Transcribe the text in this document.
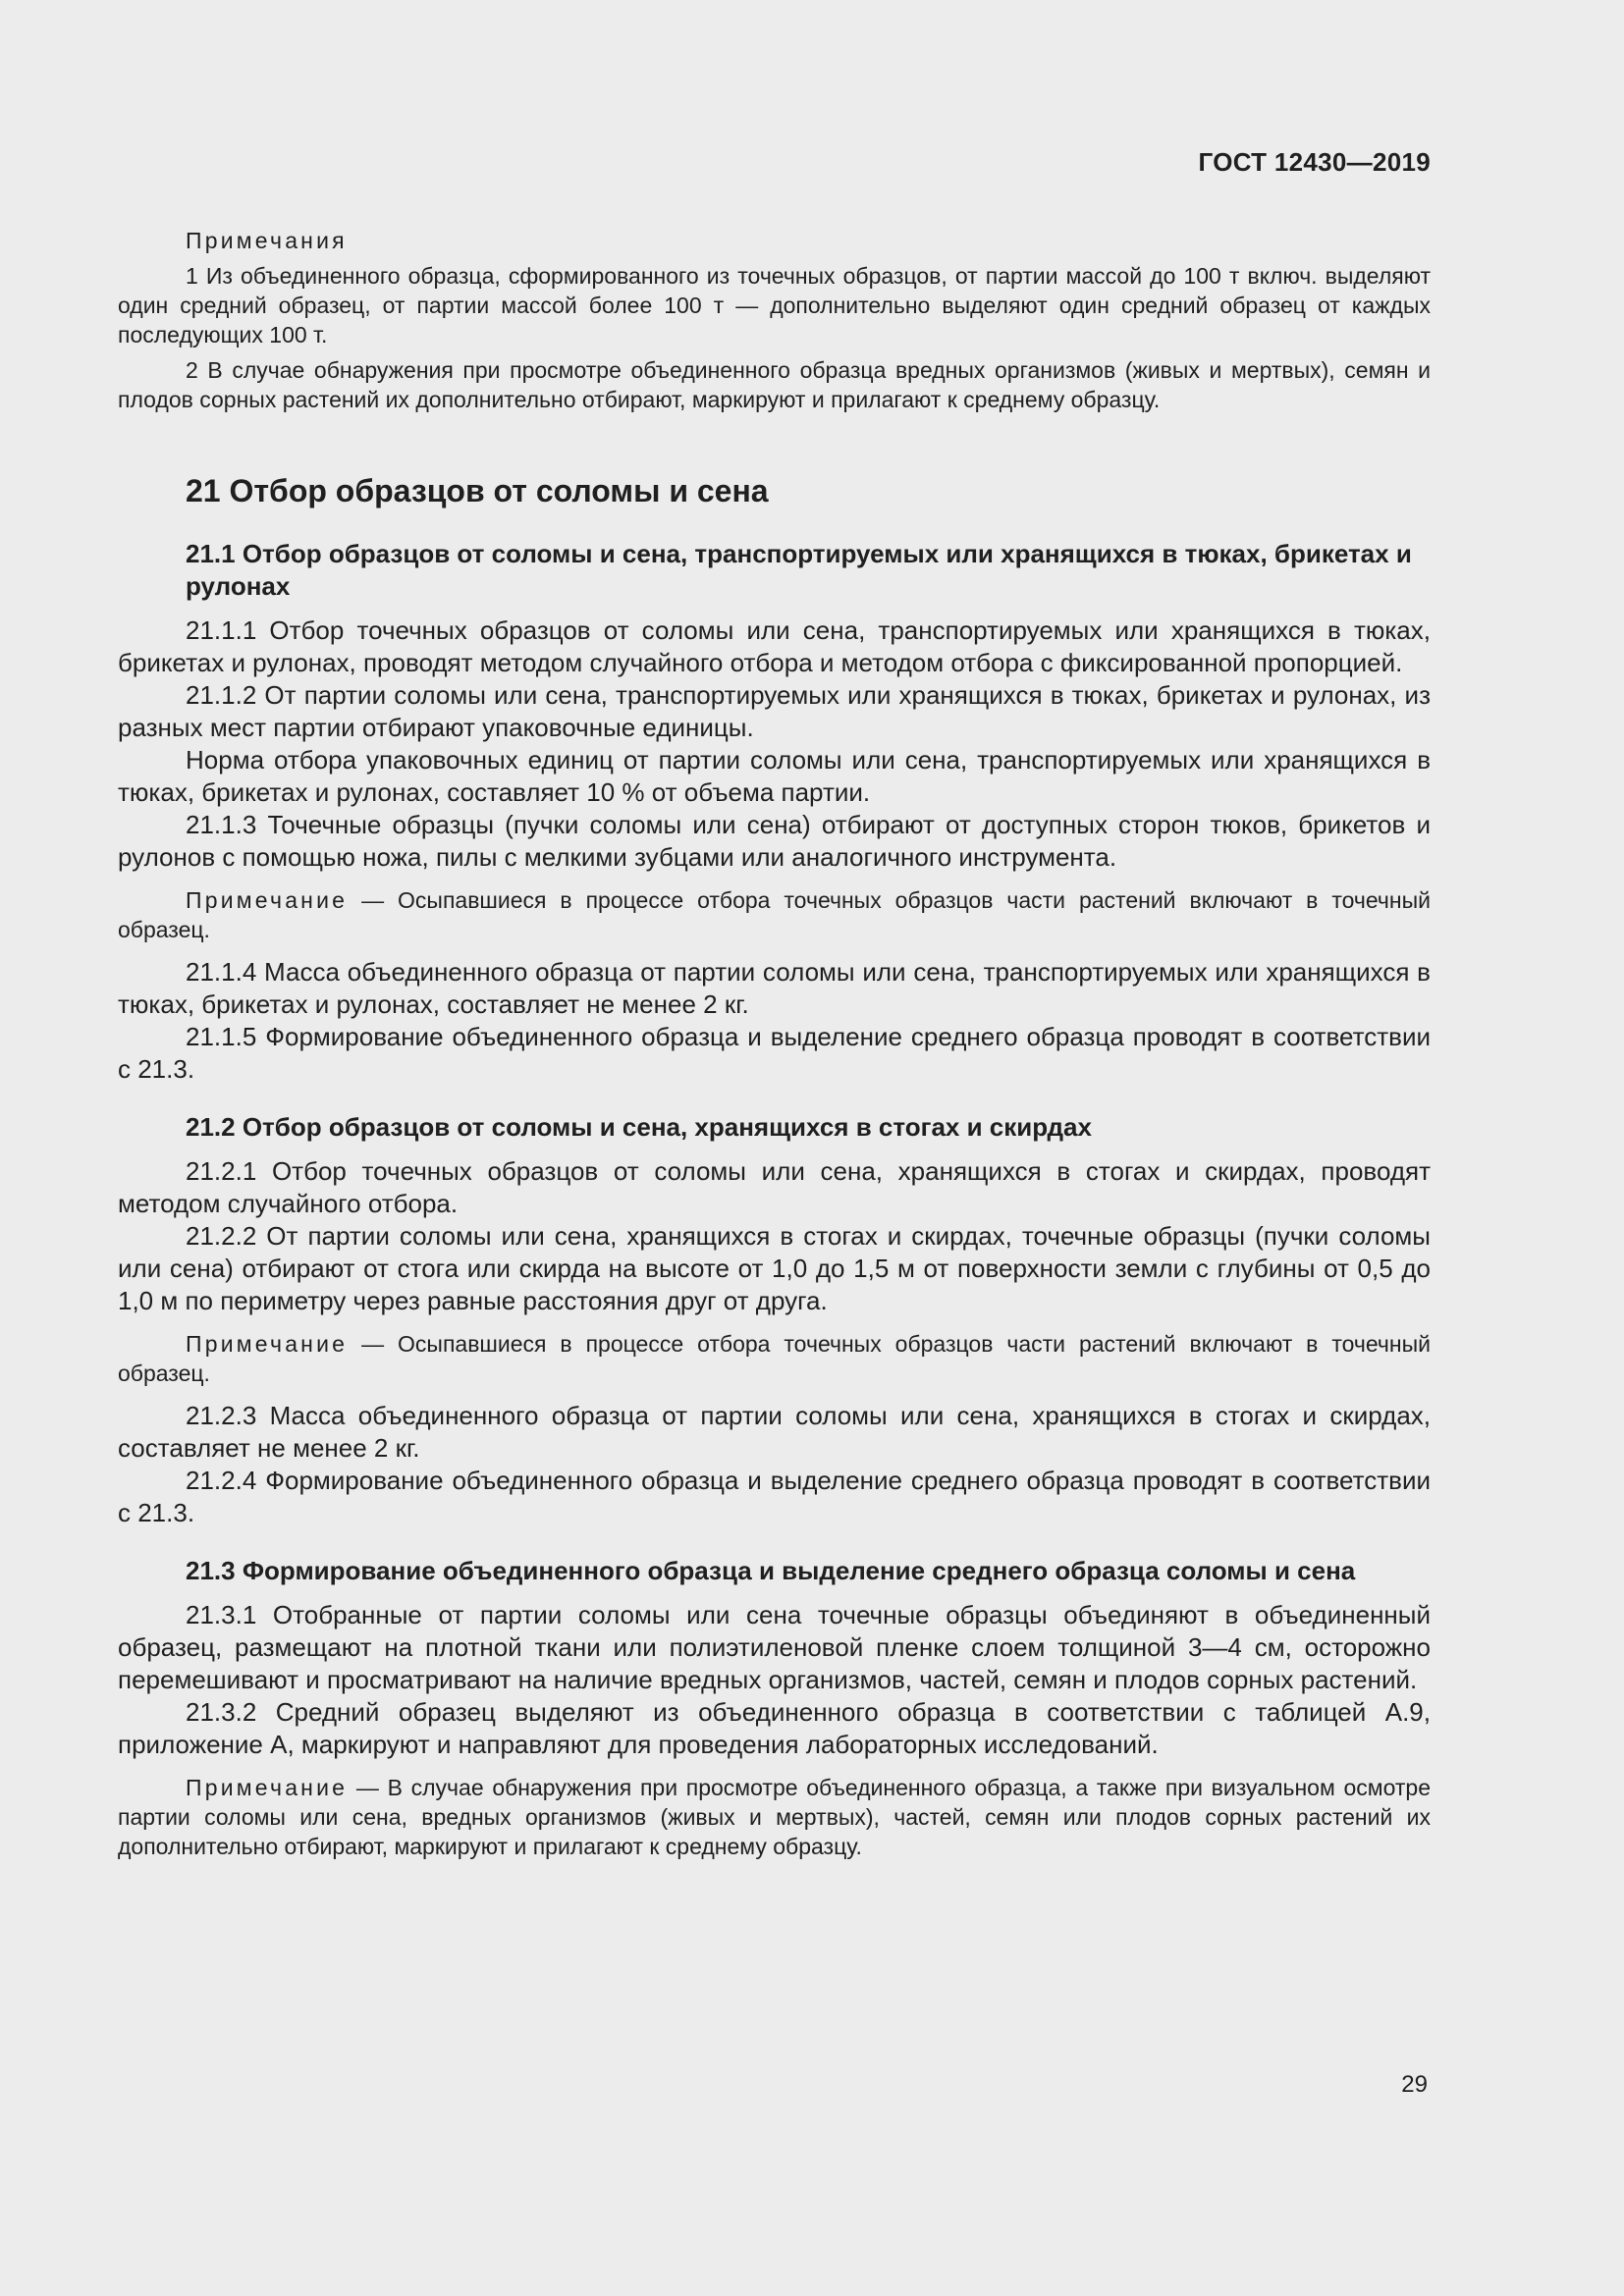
ГОСТ 12430—2019
Примечания

1 Из объединенного образца, сформированного из точечных образцов, от партии массой до 100 т включ. выделяют один средний образец, от партии массой более 100 т — дополнительно выделяют один средний образец от каждых последующих 100 т.

2 В случае обнаружения при просмотре объединенного образца вредных организмов (живых и мертвых), семян и плодов сорных растений их дополнительно отбирают, маркируют и прилагают к среднему образцу.

21 Отбор образцов от соломы и сена
21.1 Отбор образцов от соломы и сена, транспортируемых или хранящихся в тюках, брикетах и рулонах

21.1.1 Отбор точечных образцов от соломы или сена, транспортируемых или хранящихся в тюках, брикетах и рулонах, проводят методом случайного отбора и методом отбора с фиксированной пропорцией.

21.1.2 От партии соломы или сена, транспортируемых или хранящихся в тюках, брикетах и рулонах, из разных мест партии отбирают упаковочные единицы.

Норма отбора упаковочных единиц от партии соломы или сена, транспортируемых или хранящихся в тюках, брикетах и рулонах, составляет 10 % от объема партии.

21.1.3 Точечные образцы (пучки соломы или сена) отбирают от доступных сторон тюков, брикетов и рулонов с помощью ножа, пилы с мелкими зубцами или аналогичного инструмента.

Примечание — Осыпавшиеся в процессе отбора точечных образцов части растений включают в точечный образец.

21.1.4 Масса объединенного образца от партии соломы или сена, транспортируемых или хранящихся в тюках, брикетах и рулонах, составляет не менее 2 кг.

21.1.5 Формирование объединенного образца и выделение среднего образца проводят в соответствии с 21.3.

21.2 Отбор образцов от соломы и сена, хранящихся в стогах и скирдах

21.2.1 Отбор точечных образцов от соломы или сена, хранящихся в стогах и скирдах, проводят методом случайного отбора.

21.2.2 От партии соломы или сена, хранящихся в стогах и скирдах, точечные образцы (пучки соломы или сена) отбирают от стога или скирда на высоте от 1,0 до 1,5 м от поверхности земли с глубины от 0,5 до 1,0 м по периметру через равные расстояния друг от друга.

Примечание — Осыпавшиеся в процессе отбора точечных образцов части растений включают в точечный образец.

21.2.3 Масса объединенного образца от партии соломы или сена, хранящихся в стогах и скирдах, составляет не менее 2 кг.

21.2.4 Формирование объединенного образца и выделение среднего образца проводят в соответствии с 21.3.

21.3 Формирование объединенного образца и выделение среднего образца соломы и сена

21.3.1 Отобранные от партии соломы или сена точечные образцы объединяют в объединенный образец, размещают на плотной ткани или полиэтиленовой пленке слоем толщиной 3—4 см, осторожно перемешивают и просматривают на наличие вредных организмов, частей, семян и плодов сорных растений.

21.3.2 Средний образец выделяют из объединенного образца в соответствии с таблицей А.9, приложение А, маркируют и направляют для проведения лабораторных исследований.

Примечание — В случае обнаружения при просмотре объединенного образца, а также при визуальном осмотре партии соломы или сена, вредных организмов (живых и мертвых), частей, семян или плодов сорных растений их дополнительно отбирают, маркируют и прилагают к среднему образцу.

29
